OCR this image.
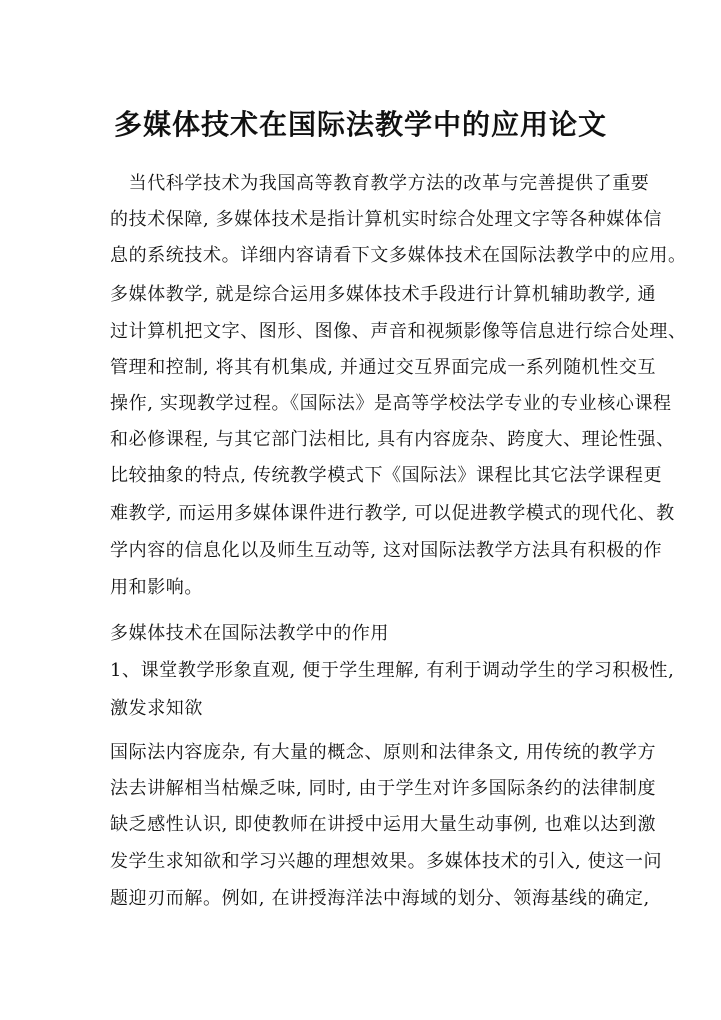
多媒体技术在国际法教学中的应用论文
　当代科学技术为我国高等教育教学方法的改革与完善提供了重要
的技术保障, 多媒体技术是指计算机实时综合处理文字等各种媒体信
息的系统技术。详细内容请看下文多媒体技术在国际法教学中的应用。
多媒体教学, 就是综合运用多媒体技术手段进行计算机辅助教学, 通
过计算机把文字、图形、图像、声音和视频影像等信息进行综合处理、
管理和控制, 将其有机集成, 并通过交互界面完成一系列随机性交互
操作, 实现教学过程。《国际法》是高等学校法学专业的专业核心课程
和必修课程, 与其它部门法相比, 具有内容庞杂、跨度大、理论性强、
比较抽象的特点, 传统教学模式下《国际法》课程比其它法学课程更
难教学, 而运用多媒体课件进行教学, 可以促进教学模式的现代化、教
学内容的信息化以及师生互动等, 这对国际法教学方法具有积极的作
用和影响。
多媒体技术在国际法教学中的作用
1、课堂教学形象直观, 便于学生理解, 有利于调动学生的学习积极性,
激发求知欲
国际法内容庞杂, 有大量的概念、原则和法律条文, 用传统的教学方
法去讲解相当枯燥乏味, 同时, 由于学生对许多国际条约的法律制度
缺乏感性认识, 即使教师在讲授中运用大量生动事例, 也难以达到激
发学生求知欲和学习兴趣的理想效果。多媒体技术的引入, 使这一问
题迎刃而解。例如, 在讲授海洋法中海域的划分、领海基线的确定,
